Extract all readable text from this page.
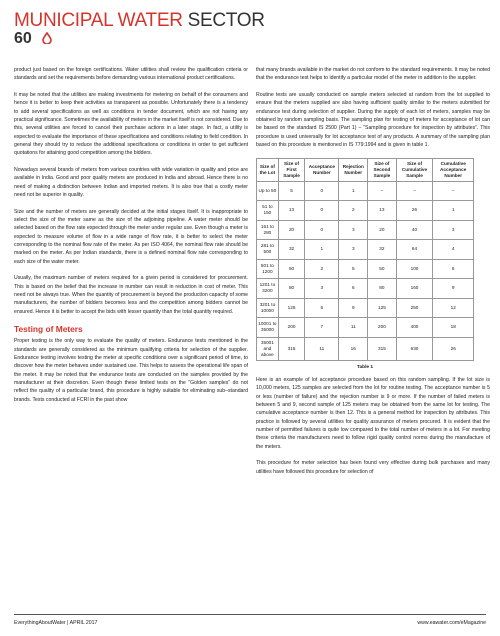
MUNICIPAL WATER SECTOR
60

product just based on the foreign certifications. Water utilities shall review the qualification criteria or standards and set the requirements before demanding various international product certifications.

It may be noted that the utilities are making investments for metering on behalf of the consumers and hence it is better to keep their activities as transparent as possible. Unfortunately there is a tendency to add several specifications as well as conditions in tender document, which are not having any practical significance. Sometimes the availability of meters in the market itself is not considered. Due to this, several utilities are forced to cancel their purchase actions in a later stage. In fact, a utility is expected to evaluate the importance of these specifications and conditions relating to field condition. In general they should try to reduce the additional specifications or conditions in order to get sufficient quotations for attaining good competition among the bidders.

Nowadays several brands of meters from various countries with wide variation in quality and price are available in India. Good and poor quality meters are produced in India and abroad. Hence there is no need of making a distinction between Indian and imported meters. It is also true that a costly meter need not be superior in quality.

Size and the number of meters are generally decided at the initial stages itself. It is inappropriate to select the size of the meter same as the size of the adjoining pipeline. A water meter should be selected based on the flow rate expected through the meter under regular use. Even though a meter is expected to measure volume of flow in a wide range of flow rate, it is better to select the meter corresponding to the nominal flow rate of the meter. As per ISO 4064, the nominal flow rate should be marked on the meter. As per Indian standards, there is a defined nominal flow rate corresponding to each size of the water meter.

Usually, the maximum number of meters required for a given period is considered for procurement. This is based on the belief that the increase in number can result in reduction in cost of meter. This need not be always true. When the quantity of procurement is beyond the production capacity of some manufacturers, the number of bidders becomes less and the competition among bidders cannot be ensured. Hence it is better to accept the bids with lesser quantity than the total quantity required.

Testing of Meters

Proper testing is the only way to evaluate the quality of meters. Endurance tests mentioned in the standards are generally considered as the minimum qualifying criteria for selection of the supplier. Endurance testing involves testing the meter at specific conditions over a significant period of time, to discover how the meter behaves under sustained use. This helps to assess the operational life span of the meter. It may be noted that the endurance tests are conducted on the samples provided by the manufacturer at their discretion. Even though these limited tests on the “Golden samples” do not reflect the quality of a particular brand, this procedure is highly suitable for eliminating sub–standard brands. Tests conducted at FCRI in the past show

that many brands available in the market do not conform to the standard requirements. It may be noted that the endurance test helps to identify a particular model of the meter in addition to the supplier.

Routine tests are usually conducted on sample meters selected at random from the lot supplied to ensure that the meters supplied are also having sufficient quality similar to the meters submitted for endurance test during selection of supplier. During the supply of each lot of meters, samples may be obtained by random sampling basis. The sampling plan for testing of meters for acceptance of lot can be based on the standard IS 2500 (Part 1) – “Sampling procedure for inspection by attributes”. This procedure is used universally for lot acceptance test of any products. A summary of the sampling plan based on this procedure is mentioned in IS 779:1994 and is given in table 1.

Size of the Lot	Size of First Sample	Acceptance Number	Rejection Number	Size of Second Sample	Size of Cumulative Sample	Cumulative Acceptance Number
Up to 50	5	0	1	–	–	–
51 to 150	13	0	2	13	26	1
151 to 280	20	0	3	20	40	3
281 to 500	32	1	3	32	64	4
501 to 1200	50	2	5	50	100	6
1201 to 3200	80	3	6	80	160	9
3201 to 10000	125	5	9	125	250	12
10001 to 35000	200	7	11	200	400	18
35001 and above	315	11	16	315	630	26
Table 1

Here is an example of lot acceptance procedure based on this random sampling. If the lot size is 10,000 meters, 125 samples are selected from the lot for routine testing. The acceptance number is 5 or less (number of failure) and the rejection number is 9 or more. If the number of failed meters is between 5 and 9, second sample of 125 meters may be obtained from the same lot for testing. The cumulative acceptance number is then 12. This is a general method for inspection by attributes. This practice is followed by several utilities for quality assurance of meters procured. It is evident that the number of permitted failures is quite low compared to the total number of meters in a lot. For meeting these criteria the manufacturers need to follow rigid quality control norms during the manufacture of the meters.

This procedure for meter selection has been found very effective during bulk purchases and many utilities have followed this procedure for selection of

EverythingAboutWater | APRIL 2017	www.eawater.com/eMagazine
